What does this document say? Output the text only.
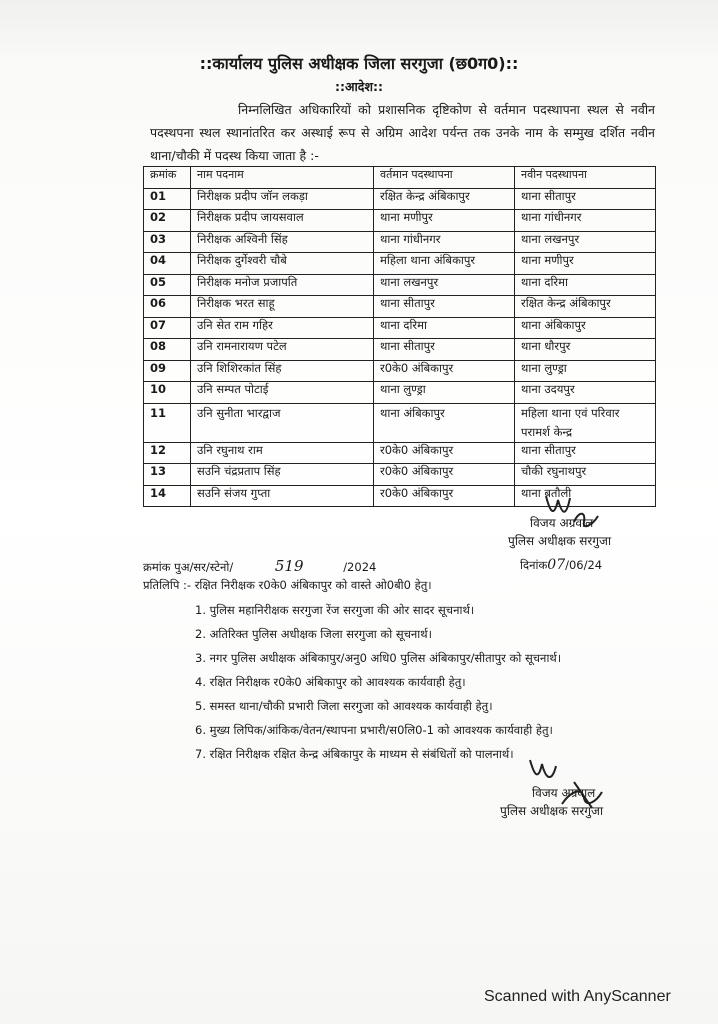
::कार्यालय पुलिस अधीक्षक जिला सरगुजा (छ0ग0)::
::आदेश::
निम्नलिखित अधिकारियों को प्रशासनिक दृष्टिकोण से वर्तमान पदस्थापना स्थल से नवीन पदस्थपना स्थल स्थानांतरित कर अस्थाई रूप से अग्रिम आदेश पर्यन्त तक उनके नाम के सम्मुख दर्शित नवीन थाना/चौकी में पदस्थ किया जाता है :-
क्रमांक	नाम पदनाम	वर्तमान पदस्थापना	नवीन पदस्थापना
01	निरीक्षक प्रदीप जॉन लकड़ा	रक्षित केन्द्र अंबिकापुर	थाना सीतापुर
02	निरीक्षक प्रदीप जायसवाल	थाना मणीपुर	थाना गांधीनगर
03	निरीक्षक अश्विनी सिंह	थाना गांधीनगर	थाना लखनपुर
04	निरीक्षक दुर्गेश्वरी चौबे	महिला थाना अंबिकापुर	थाना मणीपुर
05	निरीक्षक मनोज प्रजापति	थाना लखनपुर	थाना दरिमा
06	निरीक्षक भरत साहू	थाना सीतापुर	रक्षित केन्द्र अंबिकापुर
07	उनि सेत राम गहिर	थाना दरिमा	थाना अंबिकापुर
08	उनि रामनारायण पटेल	थाना सीतापुर	थाना धौरपुर
09	उनि शिशिरकांत सिंह	र0के0 अंबिकापुर	थाना लुण्ड्रा
10	उनि सम्पत पोटाई	थाना लुण्ड्रा	थाना उदयपुर
11	उनि सुनीता भारद्वाज	थाना अंबिकापुर	महिला थाना एवं परिवार परामर्श केन्द्र
12	उनि रघुनाथ राम	र0के0 अंबिकापुर	थाना सीतापुर
13	सउनि चंद्रप्रताप सिंह	र0के0 अंबिकापुर	चौकी रघुनाथपुर
14	सउनि संजय गुप्ता	र0के0 अंबिकापुर	थाना बतौली
विजय अग्रवाल
पुलिस अधीक्षक सरगुजा
क्रमांक पुअ/सर/स्टेनो/	519	/2024	दिनांक07/06/24
प्रतिलिपि :- रक्षित निरीक्षक र0के0 अंबिकापुर को वास्ते ओ0बी0 हेतु।
1. पुलिस महानिरीक्षक सरगुजा रेंज सरगुजा की ओर सादर सूचनार्थ।
2. अतिरिक्त पुलिस अधीक्षक जिला सरगुजा को सूचनार्थ।
3. नगर पुलिस अधीक्षक अंबिकापुर/अनु0 अधि0 पुलिस अंबिकापुर/सीतापुर को सूचनार्थ।
4. रक्षित निरीक्षक र0के0 अंबिकापुर को आवश्यक कार्यवाही हेतु।
5. समस्त थाना/चौकी प्रभारी जिला सरगुजा को आवश्यक कार्यवाही हेतु।
6. मुख्य लिपिक/आंकिक/वेतन/स्थापना प्रभारी/स0लि0-1 को आवश्यक कार्यवाही हेतु।
7. रक्षित निरीक्षक रक्षित केन्द्र अंबिकापुर के माध्यम से संबंधितों को पालनार्थ।
विजय अग्रवाल
पुलिस अधीक्षक सरगुजा
Scanned with AnyScanner
